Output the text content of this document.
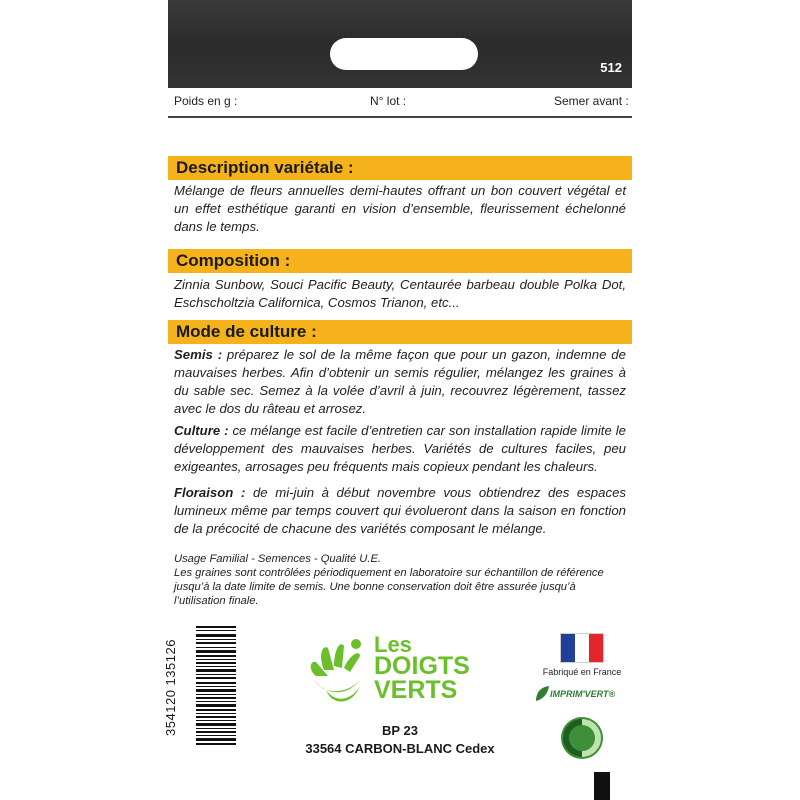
512
Poids en g :	N° lot :	Semer avant :
Description variétale :
Mélange de fleurs annuelles demi-hautes offrant un bon couvert végétal et un effet esthétique garanti en vision d’ensemble, fleurissement échelonné dans le temps.
Composition :
Zinnia Sunbow, Souci Pacific Beauty, Centaurée barbeau double Polka Dot, Eschscholtzia Californica, Cosmos Trianon, etc...
Mode de culture :
Semis : préparez le sol de la même façon que pour un gazon, indemne de mauvaises herbes. Afin d’obtenir un semis régulier, mélangez les graines à du sable sec. Semez à la volée d’avril à juin, recouvrez légèrement, tassez avec le dos du râteau et arrosez.
Culture : ce mélange est facile d’entretien car son installation rapide limite le développement des mauvaises herbes. Variétés de cultures faciles, peu exigeantes, arrosages peu fréquents mais copieux pendant les chaleurs.
Floraison : de mi-juin à début novembre vous obtiendrez des espaces lumineux même par temps couvert qui évolueront dans la saison en fonction de la précocité de chacune des variétés composant le mélange.
Usage Familial - Semences - Qualité U.E.
Les graines sont contrôlées périodiquement en laboratoire sur échantillon de référence jusqu’à la date limite de semis. Une bonne conservation doit être assurée jusqu’à l’utilisation finale.
354120 135126	Les
DOIGTS
VERTS
BP 23
33564 CARBON-BLANC Cedex
Fabriqué en France
IMPRIM'VERT®
